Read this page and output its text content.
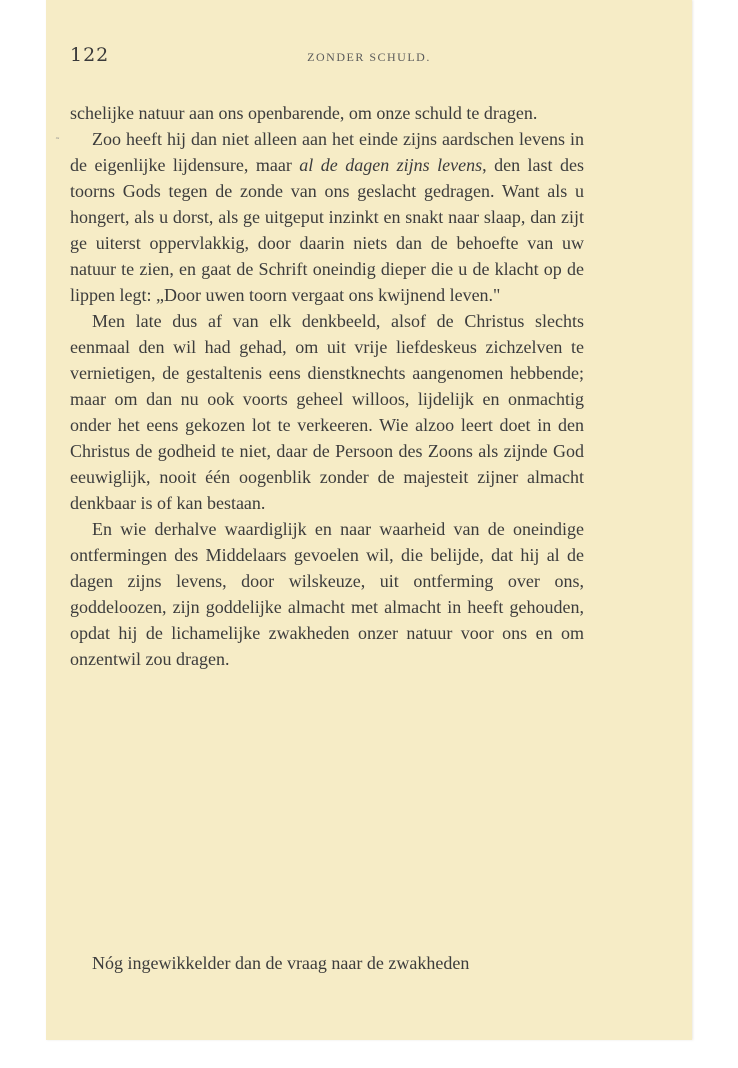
122	ZONDER SCHULD.
˜

schelijke natuur aan ons openbarende, om onze schuld te dragen.

Zoo heeft hij dan niet alleen aan het einde zijns aardschen levens in de eigenlijke lijdensure, maar al de dagen zijns levens, den last des toorns Gods tegen de zonde van ons geslacht gedragen. Want als u hongert, als u dorst, als ge uitgeput inzinkt en snakt naar slaap, dan zijt ge uiterst oppervlakkig, door daarin niets dan de behoefte van uw natuur te zien, en gaat de Schrift oneindig dieper die u de klacht op de lippen legt: „Door uwen toorn vergaat ons kwijnend leven."

Men late dus af van elk denkbeeld, alsof de Christus slechts eenmaal den wil had gehad, om uit vrije liefdeskeus zichzelven te vernietigen, de gestaltenis eens dienstknechts aangenomen hebbende; maar om dan nu ook voorts geheel willoos, lijdelijk en onmachtig onder het eens gekozen lot te verkeeren. Wie alzoo leert doet in den Christus de godheid te niet, daar de Persoon des Zoons als zijnde God eeuwiglijk, nooit één oogenblik zonder de majesteit zijner almacht denkbaar is of kan bestaan.

En wie derhalve waardiglijk en naar waarheid van de oneindige ontfermingen des Middelaars gevoelen wil, die belijde, dat hij al de dagen zijns levens, door wilskeuze, uit ontferming over ons, goddeloozen, zijn goddelijke almacht met almacht in heeft gehouden, opdat hij de lichamelijke zwakheden onzer natuur voor ons en om onzentwil zou dragen.

Nóg ingewikkelder dan de vraag naar de zwakheden
